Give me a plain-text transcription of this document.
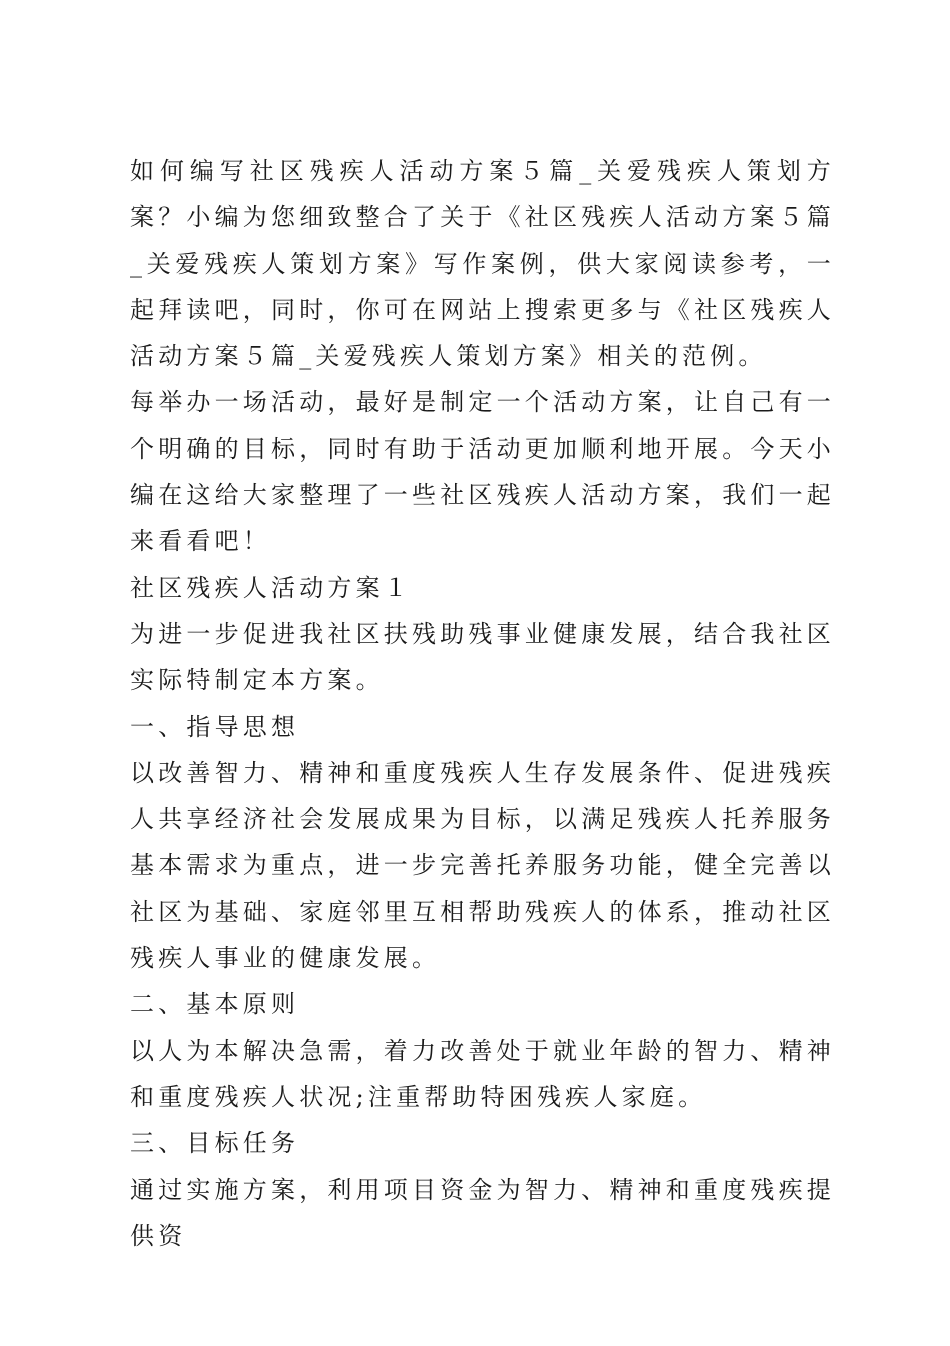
如何编写社区残疾人活动方案５篇_关爱残疾人策划方案？小编为您细致整合了关于《社区残疾人活动方案５篇_关爱残疾人策划方案》写作案例，供大家阅读参考，一起拜读吧，同时，你可在网站上搜索更多与《社区残疾人活动方案５篇_关爱残疾人策划方案》相关的范例。

每举办一场活动，最好是制定一个活动方案，让自己有一个明确的目标，同时有助于活动更加顺利地开展。今天小编在这给大家整理了一些社区残疾人活动方案，我们一起来看看吧！

社区残疾人活动方案１

为进一步促进我社区扶残助残事业健康发展，结合我社区实际特制定本方案。

一、指导思想

以改善智力、精神和重度残疾人生存发展条件、促进残疾人共享经济社会发展成果为目标，以满足残疾人托养服务基本需求为重点，进一步完善托养服务功能，健全完善以社区为基础、家庭邻里互相帮助残疾人的体系，推动社区残疾人事业的健康发展。

二、基本原则

以人为本解决急需，着力改善处于就业年龄的智力、精神和重度残疾人状况;注重帮助特困残疾人家庭。

三、目标任务

通过实施方案，利用项目资金为智力、精神和重度残疾提供资
